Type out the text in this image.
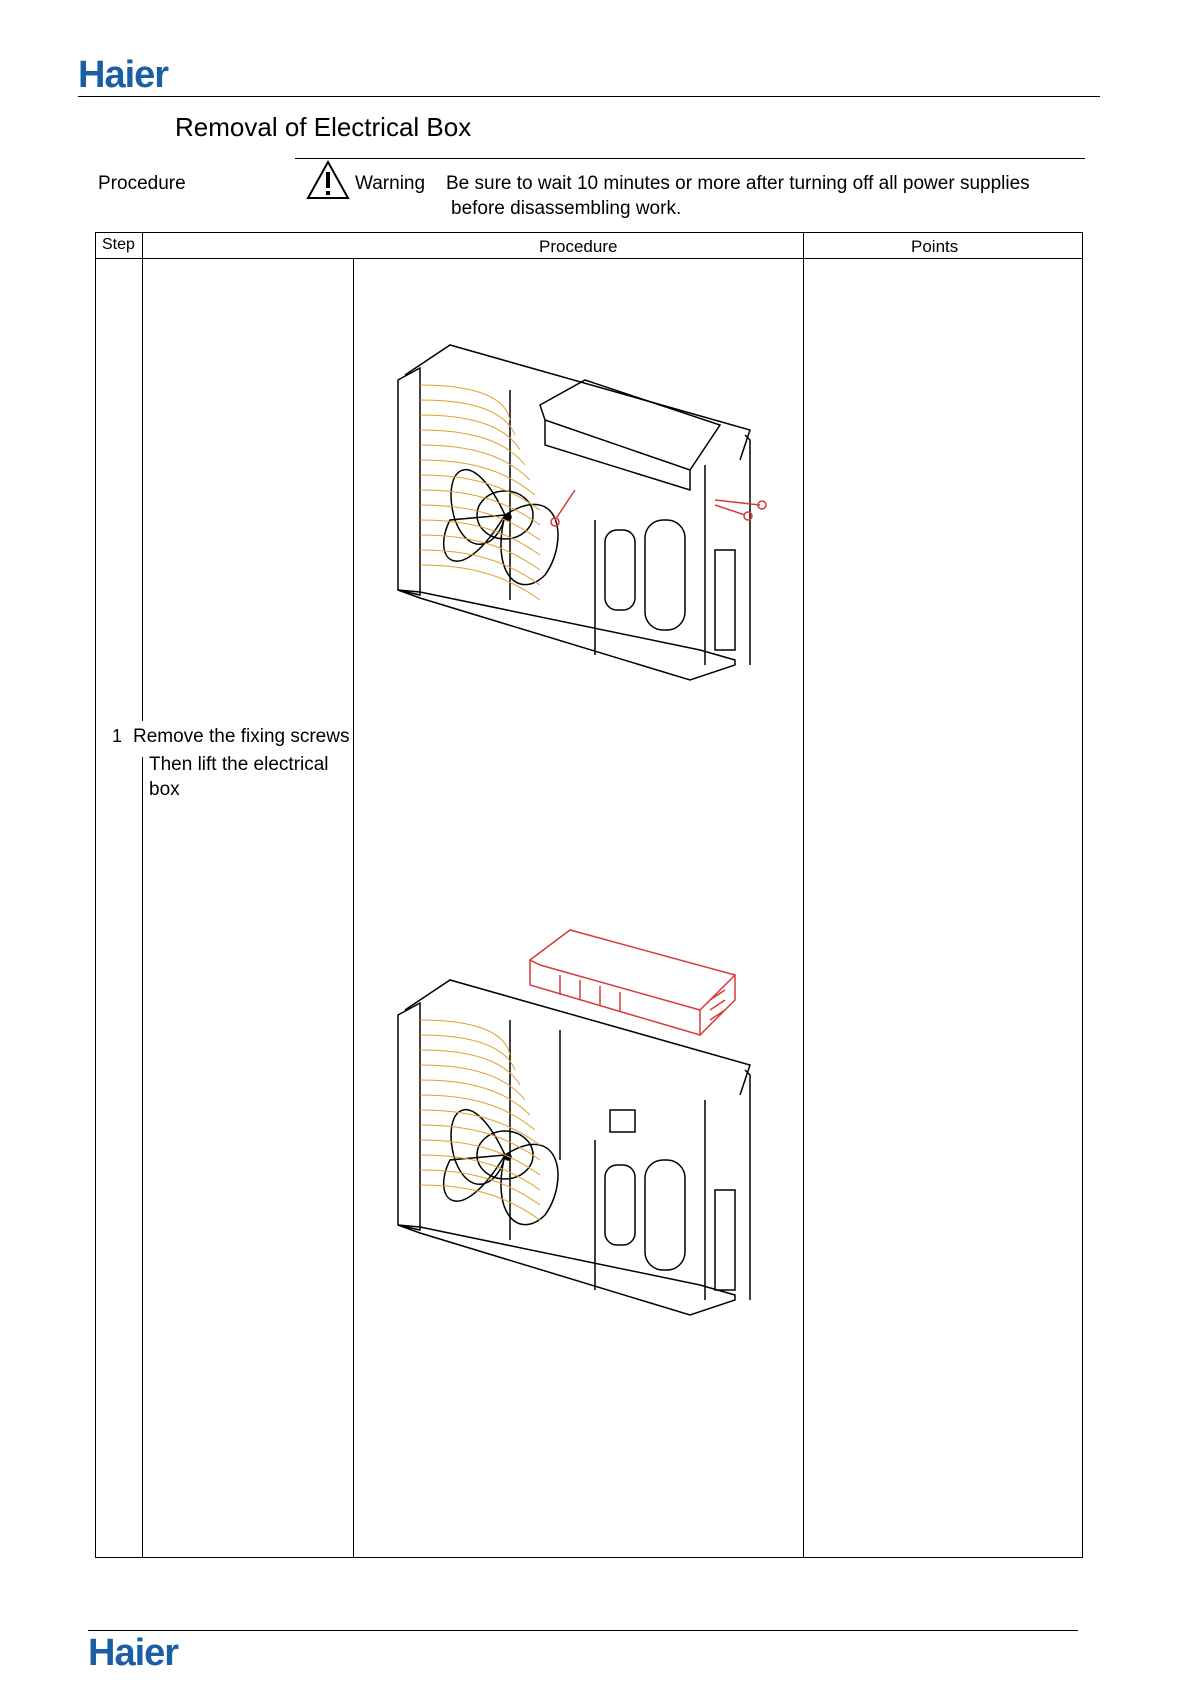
Haier
Removal of Electrical Box
Procedure	Warning Be sure to wait 10 minutes or more after turning off all power supplies
before disassembling work.
Step	Procedure	Points
1 Remove the fixing screws
Then lift the electrical
box
Haier
